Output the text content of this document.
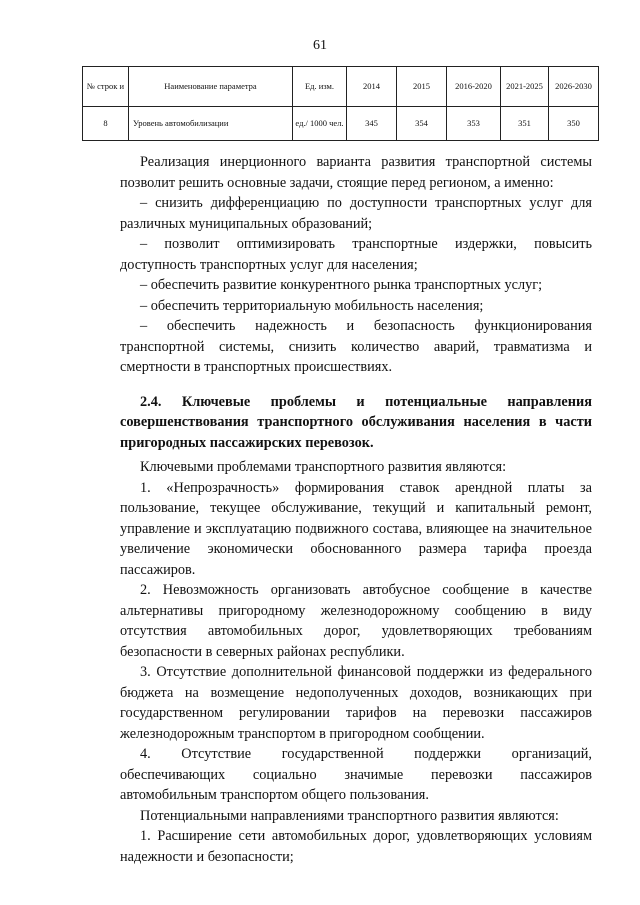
61
№ строк и	Наименование параметра	Ед. изм.	2014	2015	2016-2020	2021-2025	2026-2030
8	Уровень автомобилизации	ед./ 1000 чел.	345	354	353	351	350

Реализация инерционного варианта развития транспортной системы позволит решить основные задачи, стоящие перед регионом, а именно:

– снизить дифференциацию по доступности транспортных услуг для различных муниципальных образований;

– позволит оптимизировать транспортные издержки, повысить доступность транспортных услуг для населения;

– обеспечить развитие конкурентного рынка транспортных услуг;

– обеспечить территориальную мобильность населения;

– обеспечить надежность и безопасность функционирования транспортной системы, снизить количество аварий, травматизма и смертности в транспортных происшествиях.

2.4. Ключевые проблемы и потенциальные направления совершенствования транспортного обслуживания населения в части пригородных пассажирских перевозок.

Ключевыми проблемами транспортного развития являются:

1. «Непрозрачность» формирования ставок арендной платы за пользование, текущее обслуживание, текущий и капитальный ремонт, управление и эксплуатацию подвижного состава, влияющее на значительное увеличение экономически обоснованного размера тарифа проезда пассажиров.

2. Невозможность организовать автобусное сообщение в качестве альтернативы пригородному железнодорожному сообщению в виду отсутствия автомобильных дорог, удовлетворяющих требованиям безопасности в северных районах республики.

3. Отсутствие дополнительной финансовой поддержки из федерального бюджета на возмещение недополученных доходов, возникающих при государственном регулировании тарифов на перевозки пассажиров железнодорожным транспортом в пригородном сообщении.

4. Отсутствие государственной поддержки организаций, обеспечивающих социально значимые перевозки пассажиров автомобильным транспортом общего пользования.

Потенциальными направлениями транспортного развития являются:

1. Расширение сети автомобильных дорог, удовлетворяющих условиям надежности и безопасности;
